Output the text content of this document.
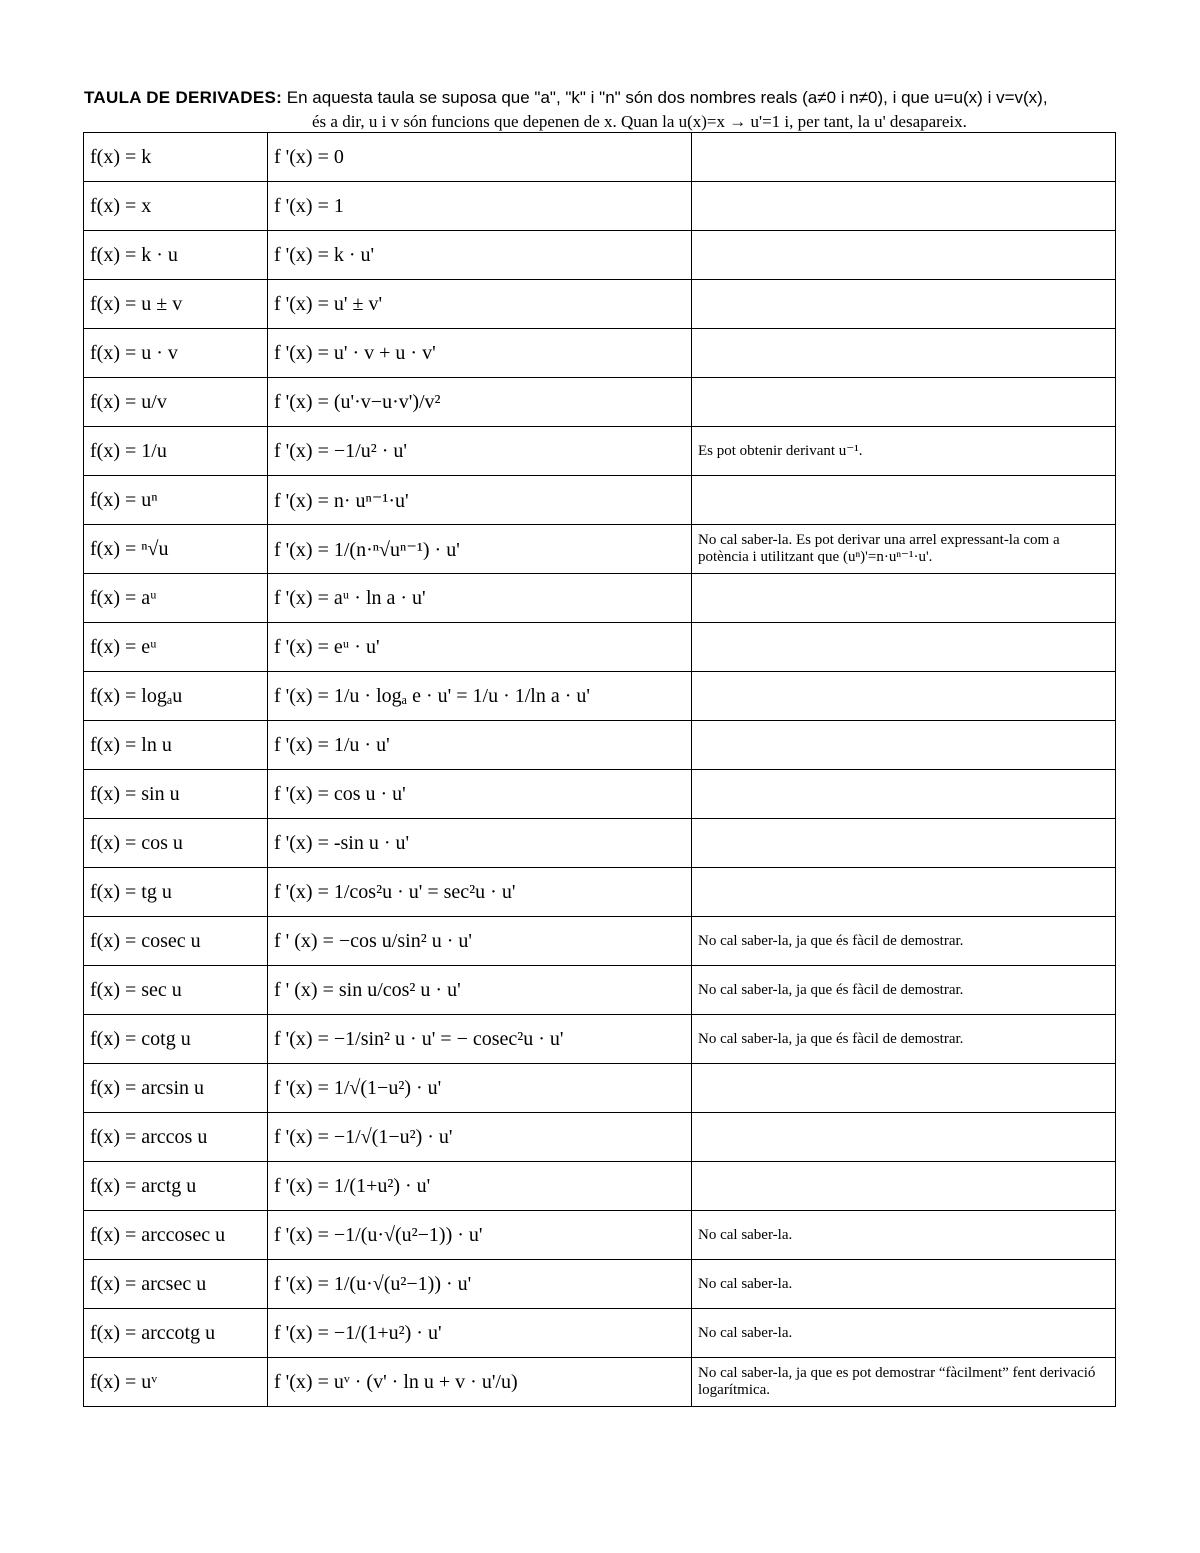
TAULA DE DERIVADES: En aquesta taula se suposa que "a", "k" i "n" són dos nombres reals (a≠0 i n≠0), i que u=u(x) i v=v(x),
és a dir, u i v són funcions que depenen de x. Quan la u(x)=x → u'=1 i, per tant, la u' desapareix.
f(x) = k	f '(x) = 0	
f(x) = x	f '(x) = 1	
f(x) = k · u	f '(x) = k · u'	
f(x) = u ± v	f '(x) = u' ± v'	
f(x) = u · v	f '(x) = u' · v + u · v'	
f(x) = u/v	f '(x) = (u'·v−u·v')/v²	
f(x) = 1/u	f '(x) = −1/u² · u'	Es pot obtenir derivant u⁻¹.
f(x) = uⁿ	f '(x) = n· uⁿ⁻¹·u'	
f(x) = ⁿ√u	f '(x) = 1/(n·ⁿ√uⁿ⁻¹) · u'	No cal saber-la. Es pot derivar una arrel expressant-la com a potència i utilitzant que (uⁿ)'=n·uⁿ⁻¹·u'.
f(x) = aᵘ	f '(x) = aᵘ · ln a · u'	
f(x) = eᵘ	f '(x) = eᵘ · u'	
f(x) = logₐu	f '(x) = 1/u · logₐ e · u' = 1/u · 1/ln a · u'	
f(x) = ln u	f '(x) = 1/u · u'	
f(x) = sin u	f '(x) = cos u · u'	
f(x) = cos u	f '(x) = -sin u · u'	
f(x) = tg u	f '(x) = 1/cos²u · u' = sec²u · u'	
f(x) = cosec u	f ' (x) = −cos u/sin² u · u'	No cal saber-la, ja que és fàcil de demostrar.
f(x) = sec u	f ' (x) = sin u/cos² u · u'	No cal saber-la, ja que és fàcil de demostrar.
f(x) = cotg u	f '(x) = −1/sin² u · u' = − cosec²u · u'	No cal saber-la, ja que és fàcil de demostrar.
f(x) = arcsin u	f '(x) = 1/√(1−u²) · u'	
f(x) = arccos u	f '(x) = −1/√(1−u²) · u'	
f(x) = arctg u	f '(x) = 1/(1+u²) · u'	
f(x) = arccosec u	f '(x) = −1/(u·√(u²−1)) · u'	No cal saber-la.
f(x) = arcsec u	f '(x) = 1/(u·√(u²−1)) · u'	No cal saber-la.
f(x) = arccotg u	f '(x) = −1/(1+u²) · u'	No cal saber-la.
f(x) = uᵛ	f '(x) = uᵛ · (v' · ln u + v · u'/u)	No cal saber-la, ja que es pot demostrar “fàcilment” fent derivació logarítmica.
